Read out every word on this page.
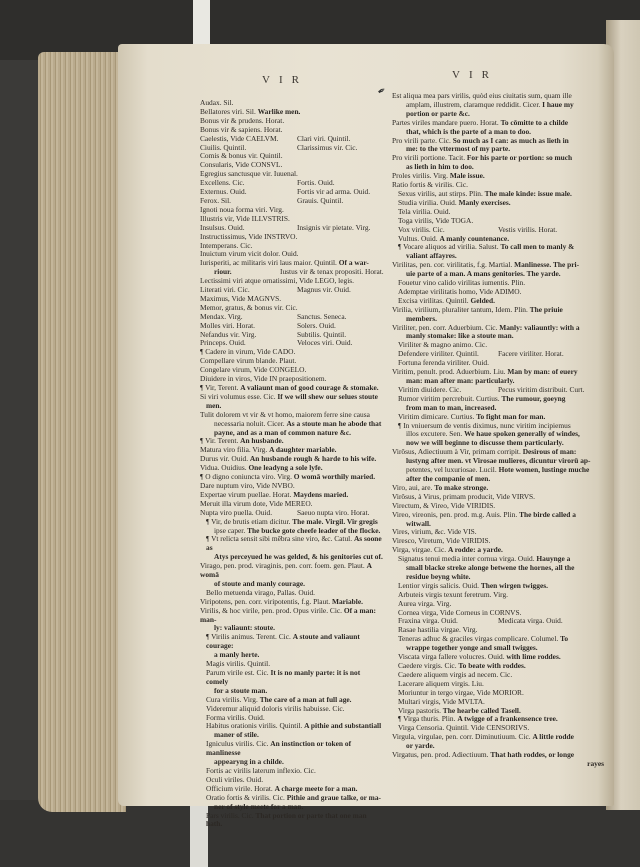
VIR	VIR
✒
Audax. Sil.
Bellatores viri. Sil. Warlike men.
Bonus vir & prudens. Horat.
Bonus vir & sapiens. Horat.
Caelestis, Vide CAELVM.	Clari viri. Quintil.
Ciuilis. Quintil.	Clarissimus vir. Cic.
Comis & bonus vir. Quintil.
Consularis, Vide CONSVL.
Egregius sanctusque vir. Iuuenal.
Excellens. Cic.	Fortis. Ouid.
Externus. Ouid.	Fortis vir ad arma. Ouid.
Ferox. Sil.	Grauis. Quintil.
Ignoti noua forma viri. Virg.
Illustris vir, Vide ILLVSTRIS.
Insulsus. Ouid.	Insignis vir pietate. Virg.
Instructissimus, Vide INSTRVO.
Intemperans. Cic.
Inuictum virum vicit dolor. Ouid.
Iurisperiti, ac militaris viri laus maior. Quintil. Of a war-
riour.	Iustus vir & tenax propositi. Horat.
Lectissimi viri atque ornatissimi, Vide LEGO, legis.
Literati viri. Cic.	Magnus vir. Ouid.
Maximus, Vide MAGNVS.
Memor, gratus, & bonus vir. Cic.
Mendax. Virg.	Sanctus. Seneca.
Molles viri. Horat.	Solers. Ouid.
Nefandus vir. Virg.	Subtilis. Quintil.
Princeps. Ouid.	Veloces viri. Ouid.
¶ Cadere in virum, Vide CADO.
Compellare virum blande. Plaut.
Congelare virum, Vide CONGELO.
Diuidere in viros, Vide IN praepositionem.
¶ Vir, Terent. A valiaunt man of good courage & stomake.
Si viri volumus esse. Cic. If we will shew our selues stoute
men.
Tulit dolorem vt vir & vt homo, maiorem ferre sine causa
necessaria noluit. Cicer. As a stoute man he abode that
payne, and as a man of common nature &c.
¶ Vir. Terent. An husbande.
Matura viro filia. Virg. A daughter mariable.
Durus vir. Ouid. An husbande rough & harde to his wife.
Vidua. Ouidius. One leadyng a sole lyfe.
¶ O digno coniuncta viro. Virg. O womā worthily maried.
Dare nuptum viro, Vide NVBO.
Expertae virum puellae. Horat. Maydens maried.
Meruit illa virum dote, Vide MEREO.
Nupta viro puella. Ouid.	Saeuo nupta viro. Horat.
¶ Vir, de brutis etiam dicitur. The male. Virgil. Vir gregis
ipse caper. The bucke gote cheefe leader of the flocke.
¶ Vt relicta sensit sibi mēbra sine viro, &c. Catul. As soone as
Atys perceyued he was gelded, & his genitories cut of.
Virago, pen. prod. viraginis, pen. corr. foem. gen. Plaut. A womā
of stoute and manly courage.
Bello metuenda virago, Pallas. Ouid.
Viripotens, pen. corr. viripotentis, f.g. Plaut. Mariable.
Virilis, & hoc virile, pen. prod. Opus virile. Cic. Of a man: man-
ly: valiaunt: stoute.
¶ Virilis animus. Terent. Cic. A stoute and valiaunt courage:
a manly herte.
Magis virilis. Quintil.
Parum virile est. Cic. It is no manly parte: it is not comely
for a stoute man.
Cura virilis. Virg. The care of a man at full age.
Videremur aliquid doloris virilis habuisse. Cic.
Forma virilis. Ouid.
Habitus orationis virilis. Quintil. A pithie and substantiall
maner of stile.
Igniculus virilis. Cic. An instinction or token of manlinesse
appearyng in a childe.
Fortis ac virilis laterum inflexio. Cic.
Oculi viriles. Ouid.
Officium virile. Horat. A charge meete for a man.
Oratio fortis & virilis. Cic. Pithie and graue talke, or ma-
ner of style meete for a man.
Pars virilis. Cic. That portion or parte that one man hath.
Est aliqua mea pars virilis, quòd eius ciuitatis sum, quam ille
amplam, illustrem, claramque reddidit. Cicer. I haue my
portion or parte &c.
Partes viriles mandare puero. Horat. To cōmitte to a childe
that, which is the parte of a man to doo.
Pro virili parte. Cic. So much as I can: as much as lieth in
me: to the vttermost of my parte.
Pro virili portione. Tacit. For his parte or portion: so much
as lieth in him to doo.
Proles virilis. Virg. Male issue.
Ratio fortis & virilis. Cic.
Sexus virilis, aut stirps. Plin. The male kinde: issue male.
Studia virilia. Ouid. Manly exercises.
Tela virilia. Ouid.
Toga virilis, Vide TOGA.
Vox virilis. Cic.	Vestis virilis. Horat.
Vultus. Ouid. A manly countenance.
¶ Vocare aliquos ad virilia. Salust. To call men to manly &
valiant affayres.
Virilitas, pen. cor. virilitatis, f.g. Martial. Manlinesse. The pri-
uie parte of a man. A mans genitories. The yarde.
Fouetur vino calido virilitas iumentis. Plin.
Ademptae virilitatis homo, Vide ADIMO.
Excisa virilitas. Quintil. Gelded.
Virilia, virilium, pluraliter tantum, Idem. Plin. The priuie
members.
Viriliter, pen. corr. Aduerbium. Cic. Manly: valiauntly: with a
manly stomake: like a stoute man.
Viriliter & magno animo. Cic.
Defendere viriliter. Quintil.	Facere viriliter. Horat.
Fortuna ferenda viriliter. Ouid.
Viritim, penult. prod. Aduerbium. Liu. Man by man: of euery
man: man after man: particularly.
Viritim diuidere. Cic.	Pecus viritim distribuit. Curt.
Rumor viritim percrebuit. Curtius. The rumour, goeyng
from man to man, increased.
Viritim dimicare. Curtius. To fight man for man.
¶ In vniuersum de ventis diximus, nunc viritim incipiemus
illos excutere. Sen. We haue spoken generally of windes,
now we will beginne to discusse them particularly.
Virôsus, Adiectiuum à Vir, primam corripit. Desirous of man:
lustyng after men. vt Virosae mulieres, dicuntur virorū ap-
petentes, vel luxuriosae. Lucil. Hote women, lustinge muche
after the companie of men.
Viro, aui, are. To make stronge.
Virôsus, à Virus, primam producit, Vide VIRVS.
Virectum, & Vireo, Vide VIRIDIS.
Vireo, vireonis, pen. prod. m.g. Auis. Plin. The birde called a
witwall.
Vires, virium, &c. Vide VIS.
Viresco, Viretum, Vide VIRIDIS.
Virga, virgae. Cic. A rodde: a yarde.
Signatus tenui media inter cornua virga. Ouid. Hauynge a
small blacke streke alonge betwene the hornes, all the
residue beyng white.
Lentior virgis salicis. Ouid. Then wirgen twigges.
Arbuteis virgis texunt feretrum. Virg.
Aurea virga. Virg.
Cornea virga, Vide Corneus in CORNVS.
Fraxina virga. Ouid.	Medicata virga. Ouid.
Rasae hastilia virgae. Virg.
Teneras adhuc & graciles virgas complicare. Columel. To
wrappe together yonge and small twigges.
Viscata virga fallere volucres. Ouid. with lime roddes.
Caedere virgis. Cic. To beate with roddes.
Caedere aliquem virgis ad necem. Cic.
Lacerare aliquem virgis. Liu.
Moriuntur in tergo virgae, Vide MORIOR.
Multari virgis, Vide MVLTA.
Virga pastoris. The hearbe called Tasell.
¶ Virga thuris. Plin. A twigge of a frankensence tree.
Virga Censoria. Quintil. Vide CENSORIVS.
Virgula, virgulae, pen. corr. Diminutiuum. Cic. A little rodde
or yarde.
Virgatus, pen. prod. Adiectiuum. That hath roddes, or longe
rayes
